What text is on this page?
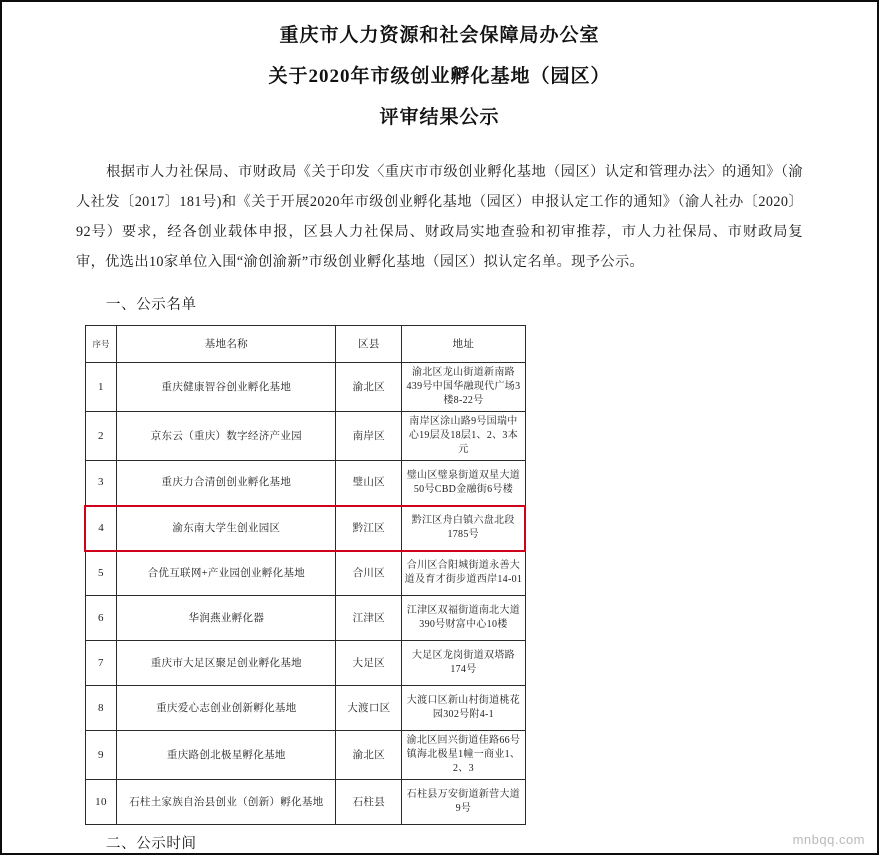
重庆市人力资源和社会保障局办公室
关于2020年市级创业孵化基地（园区）
评审结果公示

根据市人力社保局、市财政局《关于印发〈重庆市市级创业孵化基地（园区）认定和管理办法〉的通知》（渝人社发〔2017〕181号)和《关于开展2020年市级创业孵化基地（园区）申报认定工作的通知》（渝人社办〔2020〕92号）要求，经各创业载体申报，区县人力社保局、财政局实地查验和初审推荐，市人力社保局、市财政局复审，优选出10家单位入围“渝创渝新”市级创业孵化基地（园区）拟认定名单。现予公示。

一、公示名单
序号	基地名称	区县	地址
1	重庆健康智谷创业孵化基地	渝北区	渝北区龙山街道新南路439号中国华融现代广场3楼8-22号
2	京东云（重庆）数字经济产业园	南岸区	南岸区涂山路9号国瑞中心19层及18层1、2、3本元
3	重庆力合清创创业孵化基地	璧山区	璧山区璧泉街道双星大道50号CBD金融街6号楼
4	渝东南大学生创业园区	黔江区	黔江区舟白镇六盘北段1785号
5	合优互联网+产业园创业孵化基地	合川区	合川区合阳城街道永善大道及育才街步道西岸14-01
6	华润燕业孵化器	江津区	江津区双福街道南北大道390号财富中心10楼
7	重庆市大足区聚足创业孵化基地	大足区	大足区龙岗街道双塔路174号
8	重庆爱心志创业创新孵化基地	大渡口区	大渡口区新山村街道桃花园302号附4-1
9	重庆路创北极星孵化基地	渝北区	渝北区回兴街道佳路66号镇海北极星1幢一商业1、2、3
10	石柱土家族自治县创业（创新）孵化基地	石柱县	石柱县万安街道新营大道9号
二、公示时间	mnbqq.com
